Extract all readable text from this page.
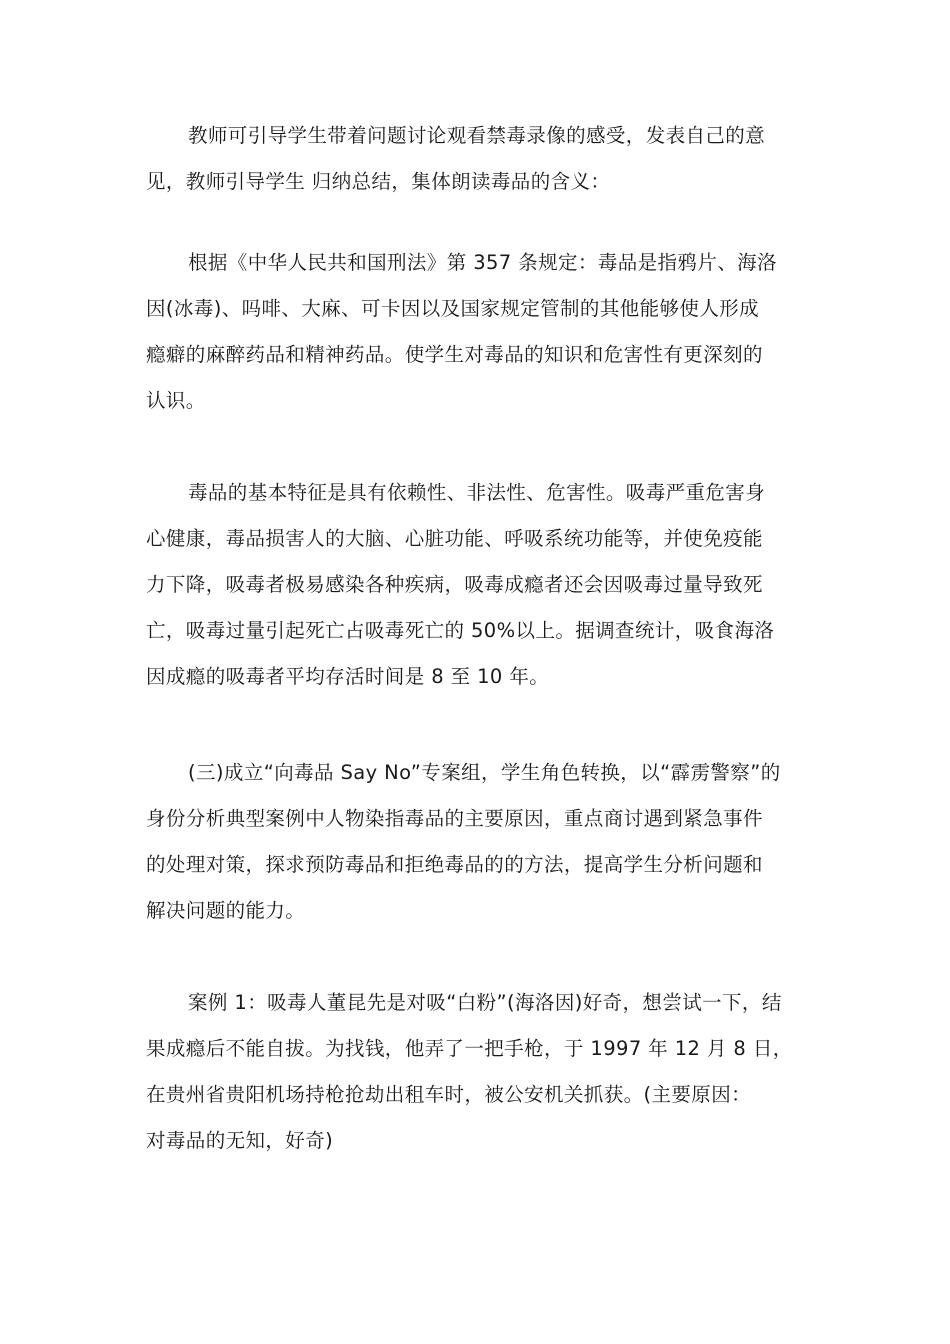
教师可引导学生带着问题讨论观看禁毒录像的感受，发表自己的意
见，教师引导学生 归纳总结，集体朗读毒品的含义：
根据《中华人民共和国刑法》第 357 条规定：毒品是指鸦片、海洛
因(冰毒)、吗啡、大麻、可卡因以及国家规定管制的其他能够使人形成
瘾癖的麻醉药品和精神药品。使学生对毒品的知识和危害性有更深刻的
认识。
毒品的基本特征是具有依赖性、非法性、危害性。吸毒严重危害身
心健康，毒品损害人的大脑、心脏功能、呼吸系统功能等，并使免疫能
力下降，吸毒者极易感染各种疾病，吸毒成瘾者还会因吸毒过量导致死
亡，吸毒过量引起死亡占吸毒死亡的 50%以上。据调查统计，吸食海洛
因成瘾的吸毒者平均存活时间是 8 至 10 年。
(三)成立“向毒品 Say No”专案组，学生角色转换，以“霹雳警察”的
身份分析典型案例中人物染指毒品的主要原因，重点商讨遇到紧急事件
的处理对策，探求预防毒品和拒绝毒品的的方法，提高学生分析问题和
解决问题的能力。
案例 1：吸毒人董昆先是对吸“白粉”(海洛因)好奇，想尝试一下，结
果成瘾后不能自拔。为找钱，他弄了一把手枪，于 1997 年 12 月 8 日，
在贵州省贵阳机场持枪抢劫出租车时，被公安机关抓获。(主要原因：
对毒品的无知，好奇)
